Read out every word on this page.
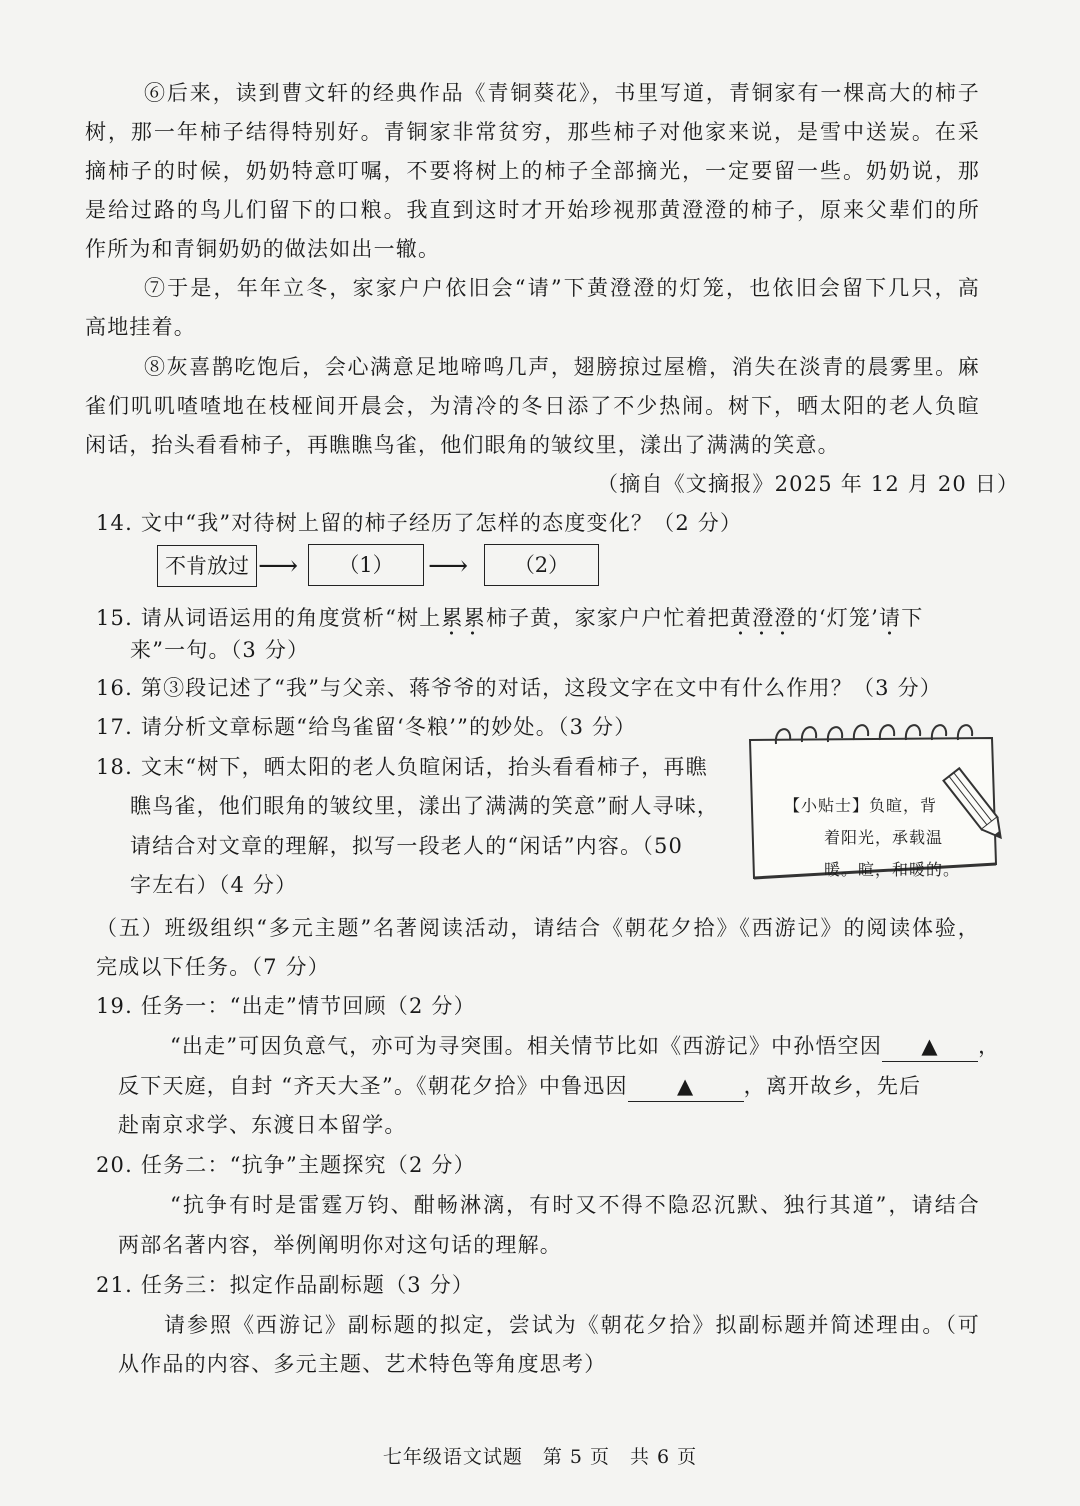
⑥后来，读到曹文轩的经典作品《青铜葵花》，书里写道，青铜家有一棵高大的柿子
树，那一年柿子结得特别好。青铜家非常贫穷，那些柿子对他家来说，是雪中送炭。在采
摘柿子的时候，奶奶特意叮嘱，不要将树上的柿子全部摘光，一定要留一些。奶奶说，那
是给过路的鸟儿们留下的口粮。我直到这时才开始珍视那黄澄澄的柿子，原来父辈们的所
作所为和青铜奶奶的做法如出一辙。
⑦于是，年年立冬，家家户户依旧会“请”下黄澄澄的灯笼，也依旧会留下几只，高
高地挂着。
⑧灰喜鹊吃饱后，会心满意足地啼鸣几声，翅膀掠过屋檐，消失在淡青的晨雾里。麻
雀们叽叽喳喳地在枝桠间开晨会，为清冷的冬日添了不少热闹。树下，晒太阳的老人负暄
闲话，抬头看看柿子，再瞧瞧鸟雀，他们眼角的皱纹里，漾出了满满的笑意。
（摘自《文摘报》2025 年 12 月 20 日）
14. 文中“我”对待树上留的柿子经历了怎样的态度变化？（2 分）
不肯放过 ⟶	（1）	⟶	（2）
15. 请从词语运用的角度赏析“树上累累柿子黄，家家户户忙着把黄澄澄的‘灯笼’请下
来”一句。（3 分）
16. 第③段记述了“我”与父亲、蒋爷爷的对话，这段文字在文中有什么作用？（3 分）
17. 请分析文章标题“给鸟雀留‘冬粮’”的妙处。（3 分）
18. 文末“树下，晒太阳的老人负暄闲话，抬头看看柿子，再瞧
瞧鸟雀，他们眼角的皱纹里，漾出了满满的笑意”耐人寻味，
请结合对文章的理解，拟写一段老人的“闲话”内容。（50
字左右）（4 分）
【小贴士】负暄，背
着阳光，承载温
暖。暄，和暖的。
（五）班级组织“多元主题”名著阅读活动，请结合《朝花夕拾》《西游记》的阅读体验，
完成以下任务。（7 分）
19. 任务一：“出走”情节回顾（2 分）
“出走”可因负意气，亦可为寻突围。相关情节比如《西游记》中孙悟空因 ▲ ，
反下天庭，自封 “齐天大圣”。《朝花夕拾》中鲁迅因 ▲ ，离开故乡，先后
赴南京求学、东渡日本留学。
20. 任务二：“抗争”主题探究（2 分）
“抗争有时是雷霆万钧、酣畅淋漓，有时又不得不隐忍沉默、独行其道”，请结合
两部名著内容，举例阐明你对这句话的理解。
21. 任务三：拟定作品副标题（3 分）
请参照《西游记》副标题的拟定，尝试为《朝花夕拾》拟副标题并简述理由。（可
从作品的内容、多元主题、艺术特色等角度思考）
七年级语文试题　第 5 页　共 6 页
